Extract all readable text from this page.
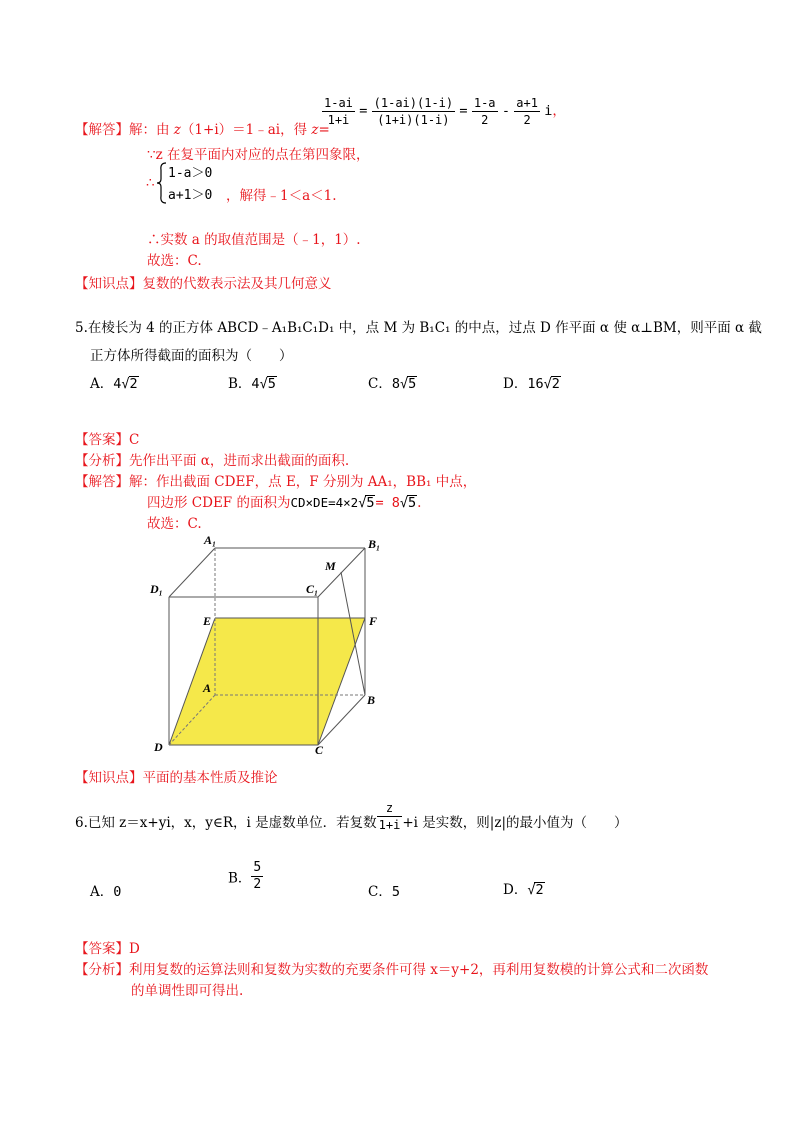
$\frac{1-ai}{1+i} = \frac{(1-ai)(1-i)}{(1+i)(1-i)} = \frac{1-a}{2} - \frac{a+1}{2}$ i，
【解答】解：由 z（1+i）＝1﹣ai，得 z=
∵z 在复平面内对应的点在第四象限，
∴
1-a＞0
a+1＞0 ，解得﹣1＜a＜1.
∴实数 a 的取值范围是（﹣1，1）.
故选：C.
【知识点】复数的代数表示法及其几何意义
5.在棱长为 4 的正方体 ABCD﹣A₁B₁C₁D₁ 中，点 M 为 B₁C₁ 的中点，过点 D 作平面 α 使 α⊥BM，则平面 α 截
正方体所得截面的面积为（　　）
A．4√2	B．4√5	C．8√5	D．16√2
【答案】C
【分析】先作出平面 α，进而求出截面的面积.
【解答】解：作出截面 CDEF，点 E，F 分别为 AA₁，BB₁ 中点，
四边形 CDEF 的面积为CD×DE=4×2√5= 8√5.
故选：C.
A₁	B₁
D₁	C₁
M
E	F
A
B
D	C
【知识点】平面的基本性质及推论
6.已知 z＝x+yi，x，y∈R，i 是虚数单位．若复数 $\frac{z}{1+i} +i$ 是实数，则|z|的最小值为（　　）
A．0
B． $\frac{5}{2}$	C．5	D．√2
【答案】D
【分析】利用复数的运算法则和复数为实数的充要条件可得 x＝y+2，再利用复数模的计算公式和二次函数
的单调性即可得出.
